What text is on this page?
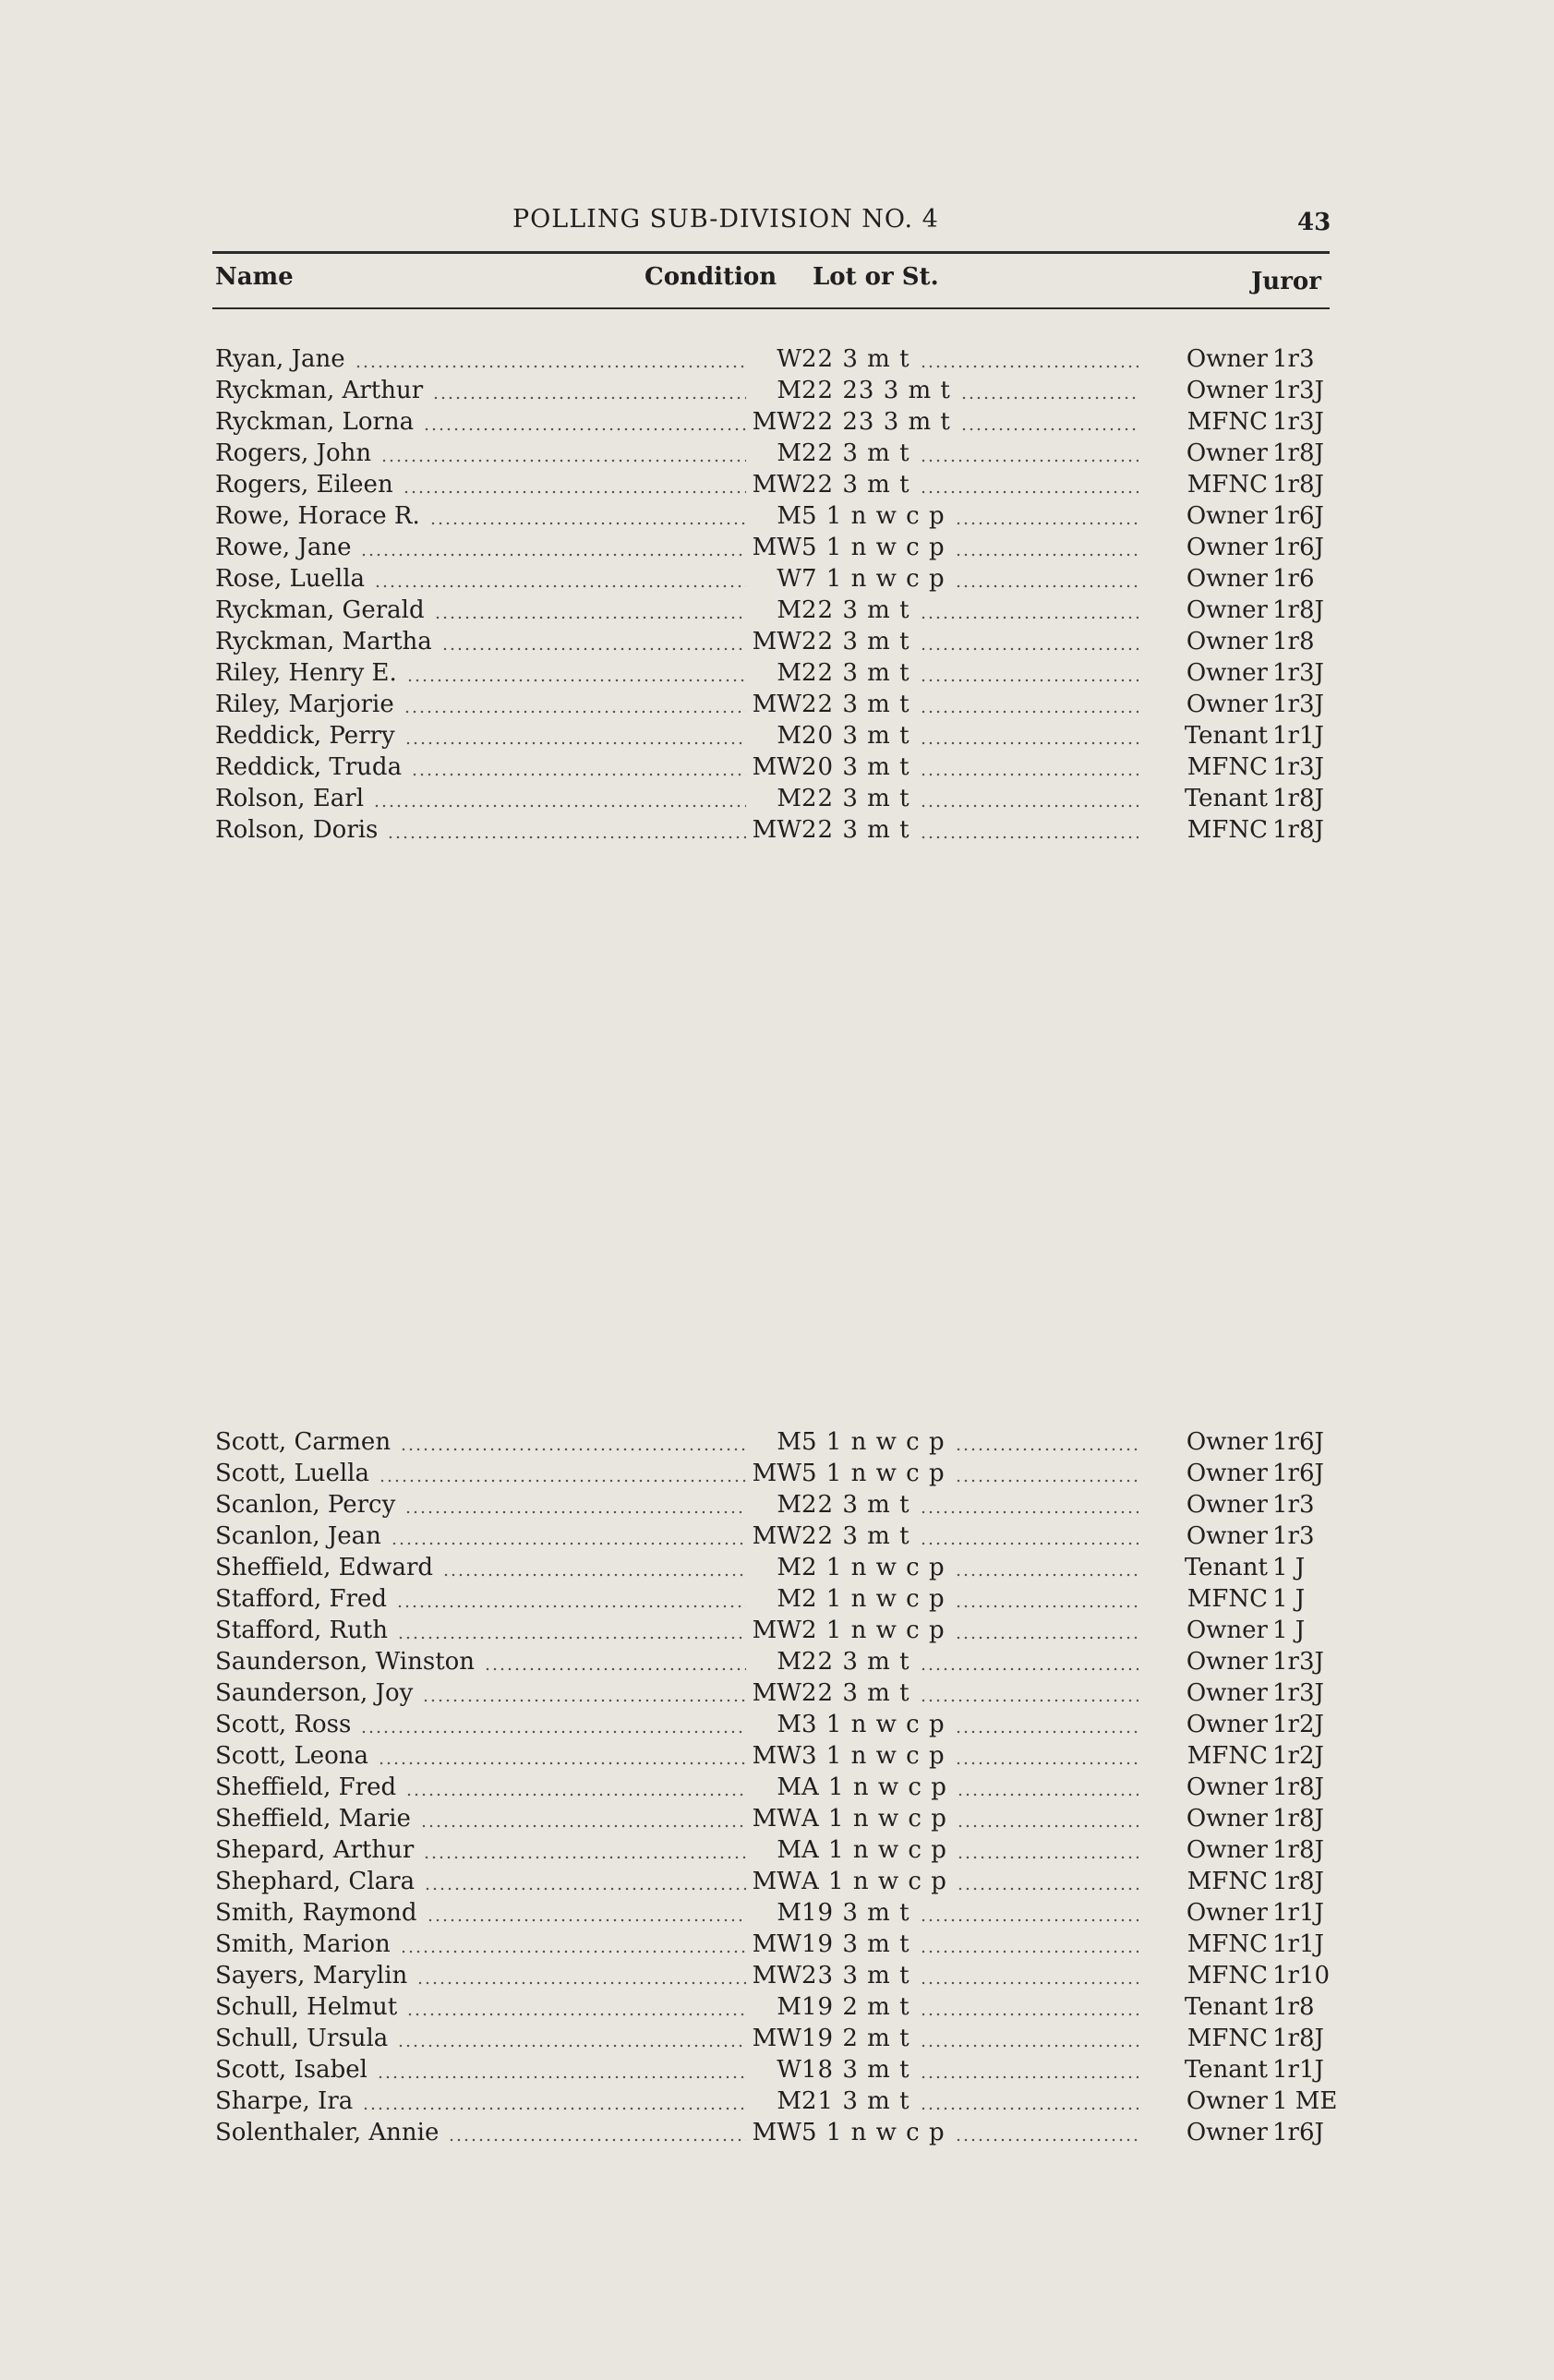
POLLING SUB-DIVISION NO. 4	43
Name	Condition Lot or St.	Juror
Ryan, Jane	W 22 3 m t	Owner 1r3
Ryckman, Arthur	M 22 23 3 m t	Owner 1r3J
Ryckman, Lorna	MW 22 23 3 m t	MFNC 1r3J
Rogers, John	M 22 3 m t	Owner 1r8J
Rogers, Eileen	MW 22 3 m t	MFNC 1r8J
Rowe, Horace R.	M 5 1 n w c p	Owner 1r6J
Rowe, Jane	MW 5 1 n w c p	Owner 1r6J
Rose, Luella	W 7 1 n w c p	Owner 1r6
Ryckman, Gerald	M 22 3 m t	Owner 1r8J
Ryckman, Martha	MW 22 3 m t	Owner 1r8
Riley, Henry E.	M 22 3 m t	Owner 1r3J
Riley, Marjorie	MW 22 3 m t	Owner 1r3J
Reddick, Perry	M 20 3 m t	Tenant 1r1J
Reddick, Truda	MW 20 3 m t	MFNC 1r3J
Rolson, Earl	M 22 3 m t	Tenant 1r8J
Rolson, Doris	MW 22 3 m t	MFNC 1r8J
Scott, Carmen	M 5 1 n w c p	Owner 1r6J
Scott, Luella	MW 5 1 n w c p	Owner 1r6J
Scanlon, Percy	M 22 3 m t	Owner 1r3
Scanlon, Jean	MW 22 3 m t	Owner 1r3
Sheffield, Edward	M 2 1 n w c p	Tenant 1 J
Stafford, Fred	M 2 1 n w c p	MFNC 1 J
Stafford, Ruth	MW 2 1 n w c p	Owner 1 J
Saunderson, Winston	M 22 3 m t	Owner 1r3J
Saunderson, Joy	MW 22 3 m t	Owner 1r3J
Scott, Ross	M 3 1 n w c p	Owner 1r2J
Scott, Leona	MW 3 1 n w c p	MFNC 1r2J
Sheffield, Fred	M A 1 n w c p	Owner 1r8J
Sheffield, Marie	MW A 1 n w c p	Owner 1r8J
Shepard, Arthur	M A 1 n w c p	Owner 1r8J
Shephard, Clara	MW A 1 n w c p	MFNC 1r8J
Smith, Raymond	M 19 3 m t	Owner 1r1J
Smith, Marion	MW 19 3 m t	MFNC 1r1J
Sayers, Marylin	MW 23 3 m t	MFNC 1r10
Schull, Helmut	M 19 2 m t	Tenant 1r8
Schull, Ursula	MW 19 2 m t	MFNC 1r8J
Scott, Isabel	W 18 3 m t	Tenant 1r1J
Sharpe, Ira	M 21 3 m t	Owner 1 ME
Solenthaler, Annie	MW 5 1 n w c p	Owner 1r6J
